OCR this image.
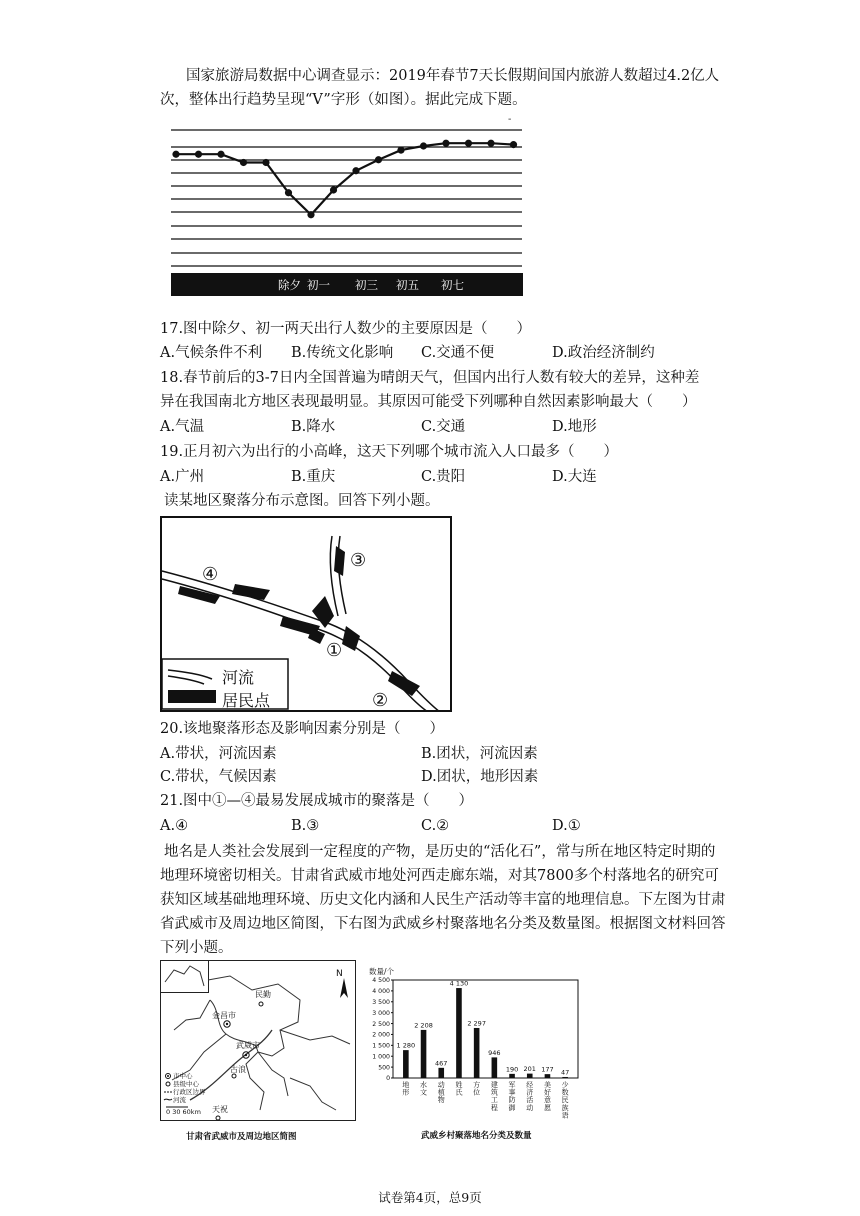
国家旅游局数据中心调查显示：2019年春节7天长假期间国内旅游人数超过4.2亿人次，整体出行趋势呈现“V”字形（如图）。据此完成下题。
-
除夕 初一 初三 初五 初七
17.图中除夕、初一两天出行人数少的主要原因是（　　）
A.气候条件不利 B.传统文化影响 C.交通不便	D.政治经济制约
18.春节前后的3-7日内全国普遍为晴朗天气，但国内出行人数有较大的差异，这种差
异在我国南北方地区表现最明显。其原因可能受下列哪种自然因素影响最大（　　）
A.气温	B.降水	C.交通	D.地形
19.正月初六为出行的小高峰，这天下列哪个城市流入人口最多（　　）
A.广州	B.重庆	C.贵阳	D.大连
读某地区聚落分布示意图。回答下列小题。
④
③
①
②
河流
居民点
20.该地聚落形态及影响因素分别是（　　）
A.带状，河流因素	B.团状，河流因素
C.带状，气候因素	D.团状，地形因素
21.图中①—④最易发展成城市的聚落是（　　）
A.④	B.③	C.②	D.①
地名是人类社会发展到一定程度的产物，是历史的“活化石”，常与所在地区特定时期的地理环境密切相关。甘肃省武威市地处河西走廊东端，对其7800多个村落地名的研究可获知区域基础地理环境、历史文化内涵和人民生产活动等丰富的地理信息。下左图为甘肃省武威市及周边地区简图，下右图为武威乡村聚落地名分类及数量图。根据图文材料回答下列小题。
金昌市
民勤
武威市
古浪
天祝
N
市中心
县级中心
行政区边界
河流
0 30 60km
甘肃省武威市及周边地区简图
数量/个
0
500
1 000
1 500
2 000
2 500
3 000
3 500
4 000
4 500
1 280
地
形
2 208
水
文
467
动
植
物
4 130
姓
氏
2 297
方
位
946
建
筑
工
程
190
军
事
防
御
201
经
济
活
动
177
美
好
意
愿
47
少
数
民
族
语
武威乡村聚落地名分类及数量
试卷第4页，总9页
